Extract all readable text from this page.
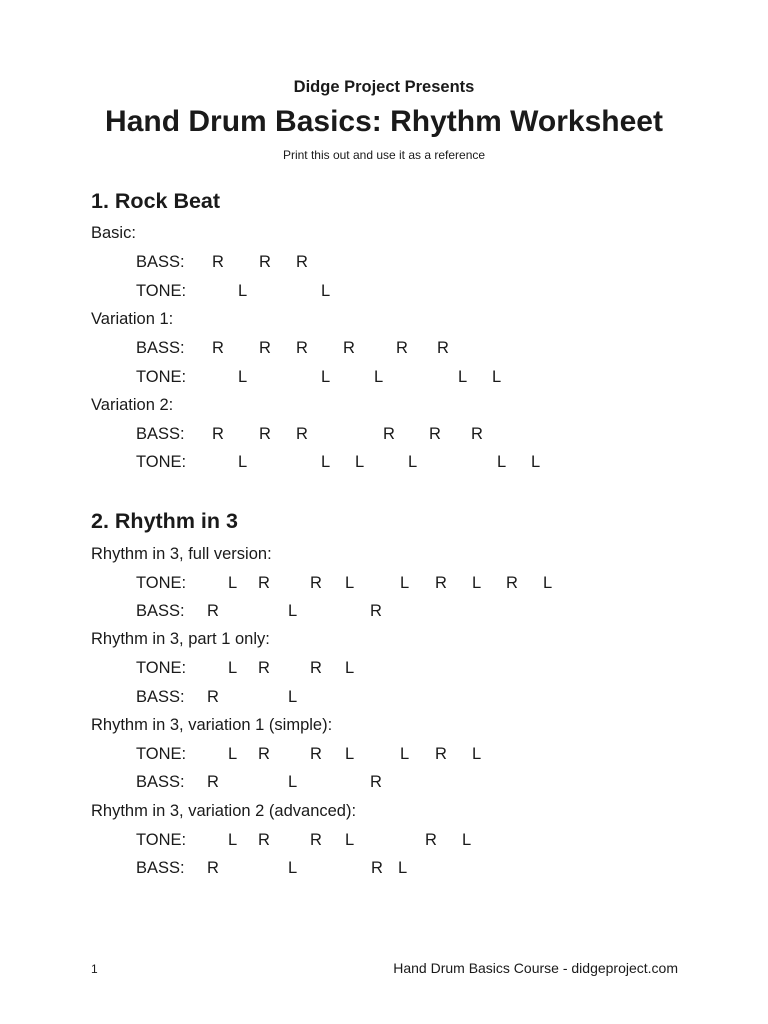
Didge Project Presents
Hand Drum Basics: Rhythm Worksheet
Print this out and use it as a reference
1. Rock Beat
Basic:
BASS: R R R
TONE:	L	L
Variation 1:
BASS: R R R R R R
TONE:	L	L	L	L L
Variation 2:
BASS: R R R	R R R
TONE:	L	L L	L	L L
2. Rhythm in 3
Rhythm in 3, full version:
TONE:	L R R L	L R L R L
BASS: R	L	R
Rhythm in 3, part 1 only:
TONE:	L R R L
BASS: R	L
Rhythm in 3, variation 1 (simple):
TONE:	L R R L	L R L
BASS: R	L	R
Rhythm in 3, variation 2 (advanced):
TONE:	L R R L	R L
BASS: R	L	R L
1	Hand Drum Basics Course - didgeproject.com
